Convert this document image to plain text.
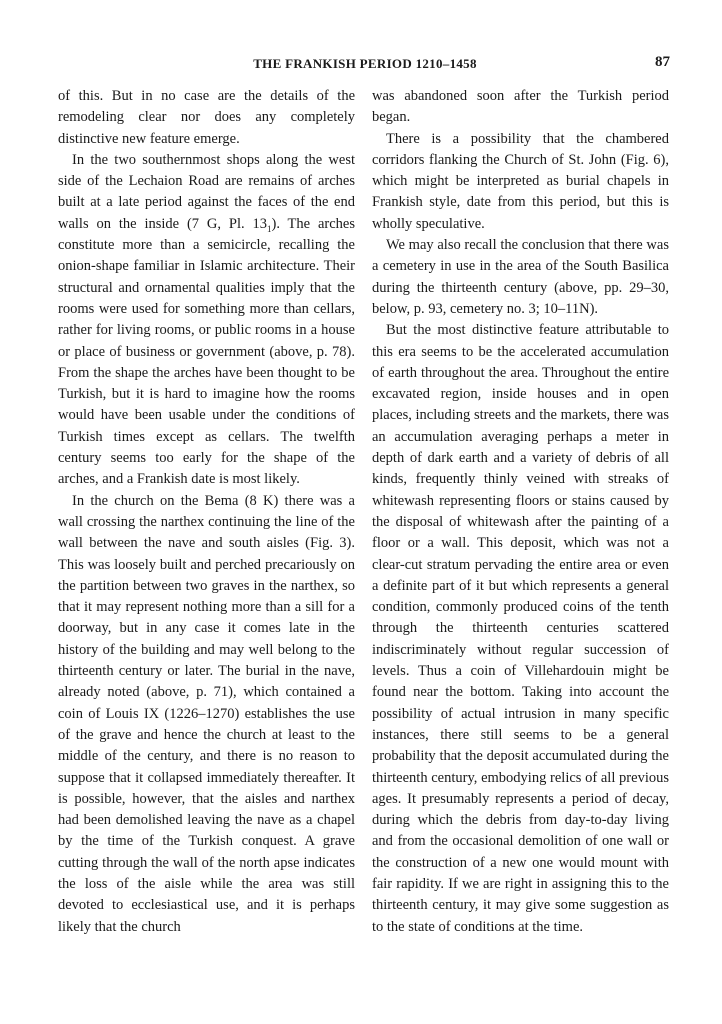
THE FRANKISH PERIOD 1210–1458	87

of this. But in no case are the details of the remodeling clear nor does any completely distinctive new feature emerge.

In the two southernmost shops along the west side of the Lechaion Road are remains of arches built at a late period against the faces of the end walls on the inside (7 G, Pl. $13_1$). The arches constitute more than a semicircle, recalling the onion-shape familiar in Islamic architecture. Their structural and ornamental qualities imply that the rooms were used for something more than cellars, rather for living rooms, or public rooms in a house or place of business or government (above, p. 78). From the shape the arches have been thought to be Turkish, but it is hard to imagine how the rooms would have been usable under the conditions of Turkish times except as cellars. The twelfth century seems too early for the shape of the arches, and a Frankish date is most likely.

In the church on the Bema (8 K) there was a wall crossing the narthex continuing the line of the wall between the nave and south aisles (Fig. 3). This was loosely built and perched precariously on the partition between two graves in the narthex, so that it may represent nothing more than a sill for a doorway, but in any case it comes late in the history of the building and may well belong to the thirteenth century or later. The burial in the nave, already noted (above, p. 71), which contained a coin of Louis IX (1226–1270) establishes the use of the grave and hence the church at least to the middle of the century, and there is no reason to suppose that it collapsed immediately thereafter. It is possible, however, that the aisles and narthex had been demolished leaving the nave as a chapel by the time of the Turkish conquest. A grave cutting through the wall of the north apse indicates the loss of the aisle while the area was still devoted to ecclesiastical use, and it is perhaps likely that the church

was abandoned soon after the Turkish period began.

There is a possibility that the chambered corridors flanking the Church of St. John (Fig. 6), which might be interpreted as burial chapels in Frankish style, date from this period, but this is wholly speculative.

We may also recall the conclusion that there was a cemetery in use in the area of the South Basilica during the thirteenth century (above, pp. 29–30, below, p. 93, cemetery no. 3; 10–11N).

But the most distinctive feature attributable to this era seems to be the accelerated accumulation of earth throughout the area. Throughout the entire excavated region, inside houses and in open places, including streets and the markets, there was an accumulation averaging perhaps a meter in depth of dark earth and a variety of debris of all kinds, frequently thinly veined with streaks of whitewash representing floors or stains caused by the disposal of whitewash after the painting of a floor or a wall. This deposit, which was not a clear-cut stratum pervading the entire area or even a definite part of it but which represents a general condition, commonly produced coins of the tenth through the thirteenth centuries scattered indiscriminately without regular succession of levels. Thus a coin of Villehardouin might be found near the bottom. Taking into account the possibility of actual intrusion in many specific instances, there still seems to be a general probability that the deposit accumulated during the thirteenth century, embodying relics of all previous ages. It presumably represents a period of decay, during which the debris from day-to-day living and from the occasional demolition of one wall or the construction of a new one would mount with fair rapidity. If we are right in assigning this to the thirteenth century, it may give some suggestion as to the state of conditions at the time.
